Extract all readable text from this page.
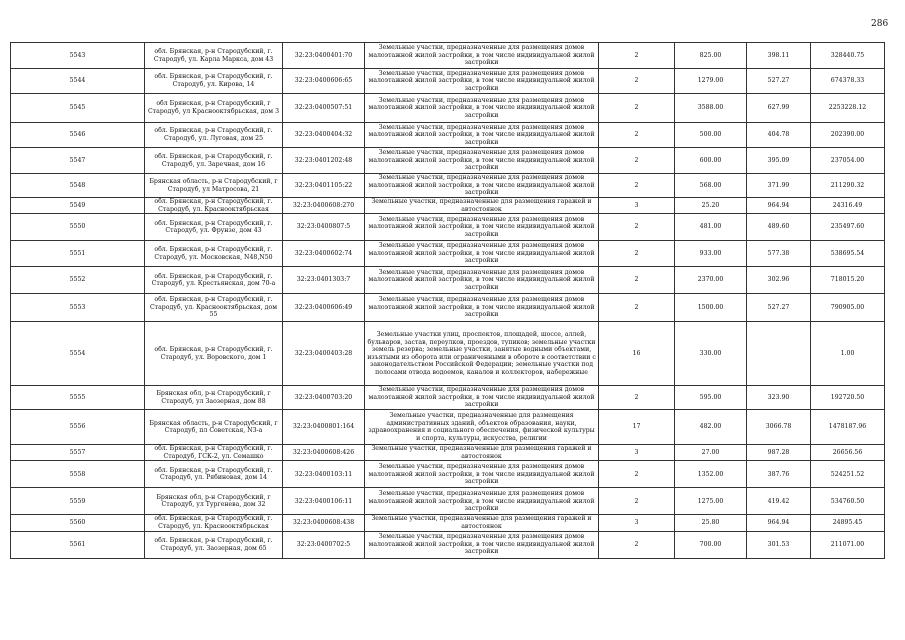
286
5543	обл. Брянская, р-н Стародубский, г. Стародуб, ул. Карла Маркса, дом 43	32:23:0400401:70	Земельные участки, предназначенные для размещения домов малоэтажной жилой застройки, в том числе индивидуальной жилой застройки	2	825.00	398.11	328440.75
5544	обл. Брянская, р-н Стародубский, г. Стародуб, ул. Кирова, 14	32:23:0400606:65	Земельные участки, предназначенные для размещения домов малоэтажной жилой застройки, в том числе индивидуальной жилой застройки	2	1279.00	527.27	674378.33
5545	обл Брянская, р-н Стародубский, г Стародуб, ул Краснооктябрьская, дом 3	32:23:0400507:51	Земельные участки, предназначенные для размещения домов малоэтажной жилой застройки, в том числе индивидуальной жилой застройки	2	3588.00	627.99	2253228.12
5546	обл. Брянская, р-н Стародубский, г. Стародуб, ул. Луговая, дом 25	32:23:0400404:32	Земельные участки, предназначенные для размещения домов малоэтажной жилой застройки, в том числе индивидуальной жилой застройки	2	500.00	404.78	202390.00
5547	обл. Брянская, р-н Стародубский, г. Стародуб, ул. Заречная, дом 16	32:23:0401202:48	Земельные участки, предназначенные для размещения домов малоэтажной жилой застройки, в том числе индивидуальной жилой застройки	2	600.00	395.09	237054.00
5548	Брянская область, р-н Стародубский, г Стародуб, ул Матросова, 21	32:23:0401105:22	Земельные участки, предназначенные для размещения домов малоэтажной жилой застройки, в том числе индивидуальной жилой застройки	2	568.00	371.99	211290.32
5549	обл. Брянская, р-н Стародубский, г. Стародуб, ул. Краснооктябрьская	32:23:0400608:270	Земельные участки, предназначенные для размещения гаражей и автостоянок	3	25.20	964.94	24316.49
5550	обл. Брянская, р-н Стародубский, г. Стародуб, ул. Фрунзе, дом 43	32:23:0400807:5	Земельные участки, предназначенные для размещения домов малоэтажной жилой застройки, в том числе индивидуальной жилой застройки	2	481.00	489.60	235497.60
5551	обл. Брянская, р-н Стародубский, г. Стародуб, ул. Московская, N48,N50	32:23:0400602:74	Земельные участки, предназначенные для размещения домов малоэтажной жилой застройки, в том числе индивидуальной жилой застройки	2	933.00	577.38	538695.54
5552	обл. Брянская, р-н Стародубский, г. Стародуб, ул. Крестьянская, дом 70-а	32:23:0401303:7	Земельные участки, предназначенные для размещения домов малоэтажной жилой застройки, в том числе индивидуальной жилой застройки	2	2370.00	302.96	718015.20
5553	обл. Брянская, р-н Стародубский, г. Стародуб, ул. Краснооктябрьская, дом 55	32:23:0400606:49	Земельные участки, предназначенные для размещения домов малоэтажной жилой застройки, в том числе индивидуальной жилой застройки	2	1500.00	527.27	790905.00
5554	обл. Брянская, р-н Стародубский, г. Стародуб, ул. Воровского, дом 1	32:23:0400403:28	Земельные участки улиц, проспектов, площадей, шоссе, аллей, бульваров, застав, переулков, проездов, тупиков; земельные участки земель резерва; земельные участки, занятые водными объектами, изъятыми из оборота или ограниченными в обороте в соответствии с законодательством Российской Федерации; земельные участки под полосами отвода водоемов, каналов и коллекторов, набережные	16	330.00		1.00
5555	Брянская обл, р-н Стародубский, г Стародуб, ул Заозерная, дом 88	32:23:0400703:20	Земельные участки, предназначенные для размещения домов малоэтажной жилой застройки, в том числе индивидуальной жилой застройки	2	595.00	323.90	192720.50
5556	Брянская область, р-н Стародубский, г Стародуб, пл Советская, N3-а	32:23:0400801:164	Земельные участки, предназначенные для размещения административных зданий, объектов образования, науки, здравоохранения и социального обеспечения, физической культуры и спорта, культуры, искусства, религии	17	482.00	3066.78	1478187.96
5557	обл. Брянская, р-н Стародубский, г. Стародуб, ГСК-2, ул. Семашко	32:23:0400608:426	Земельные участки, предназначенные для размещения гаражей и автостоянок	3	27.00	987.28	26656.56
5558	обл. Брянская, р-н Стародубский, г. Стародуб, ул. Рябиновая, дом 14	32:23:0400103:11	Земельные участки, предназначенные для размещения домов малоэтажной жилой застройки, в том числе индивидуальной жилой застройки	2	1352.00	387.76	524251.52
5559	Брянская обл, р-н Стародубский, г Стародуб, ул Тургенева, дом 32	32:23:0400106:11	Земельные участки, предназначенные для размещения домов малоэтажной жилой застройки, в том числе индивидуальной жилой застройки	2	1275.00	419.42	534760.50
5560	обл. Брянская, р-н Стародубский, г. Стародуб, ул. Краснооктябрьская	32:23:0400608:438	Земельные участки, предназначенные для размещения гаражей и автостоянок	3	25.80	964.94	24895.45
5561	обл. Брянская, р-н Стародубский, г. Стародуб, ул. Заозерная, дом 65	32:23:0400702:5	Земельные участки, предназначенные для размещения домов малоэтажной жилой застройки, в том числе индивидуальной жилой застройки	2	700.00	301.53	211071.00
